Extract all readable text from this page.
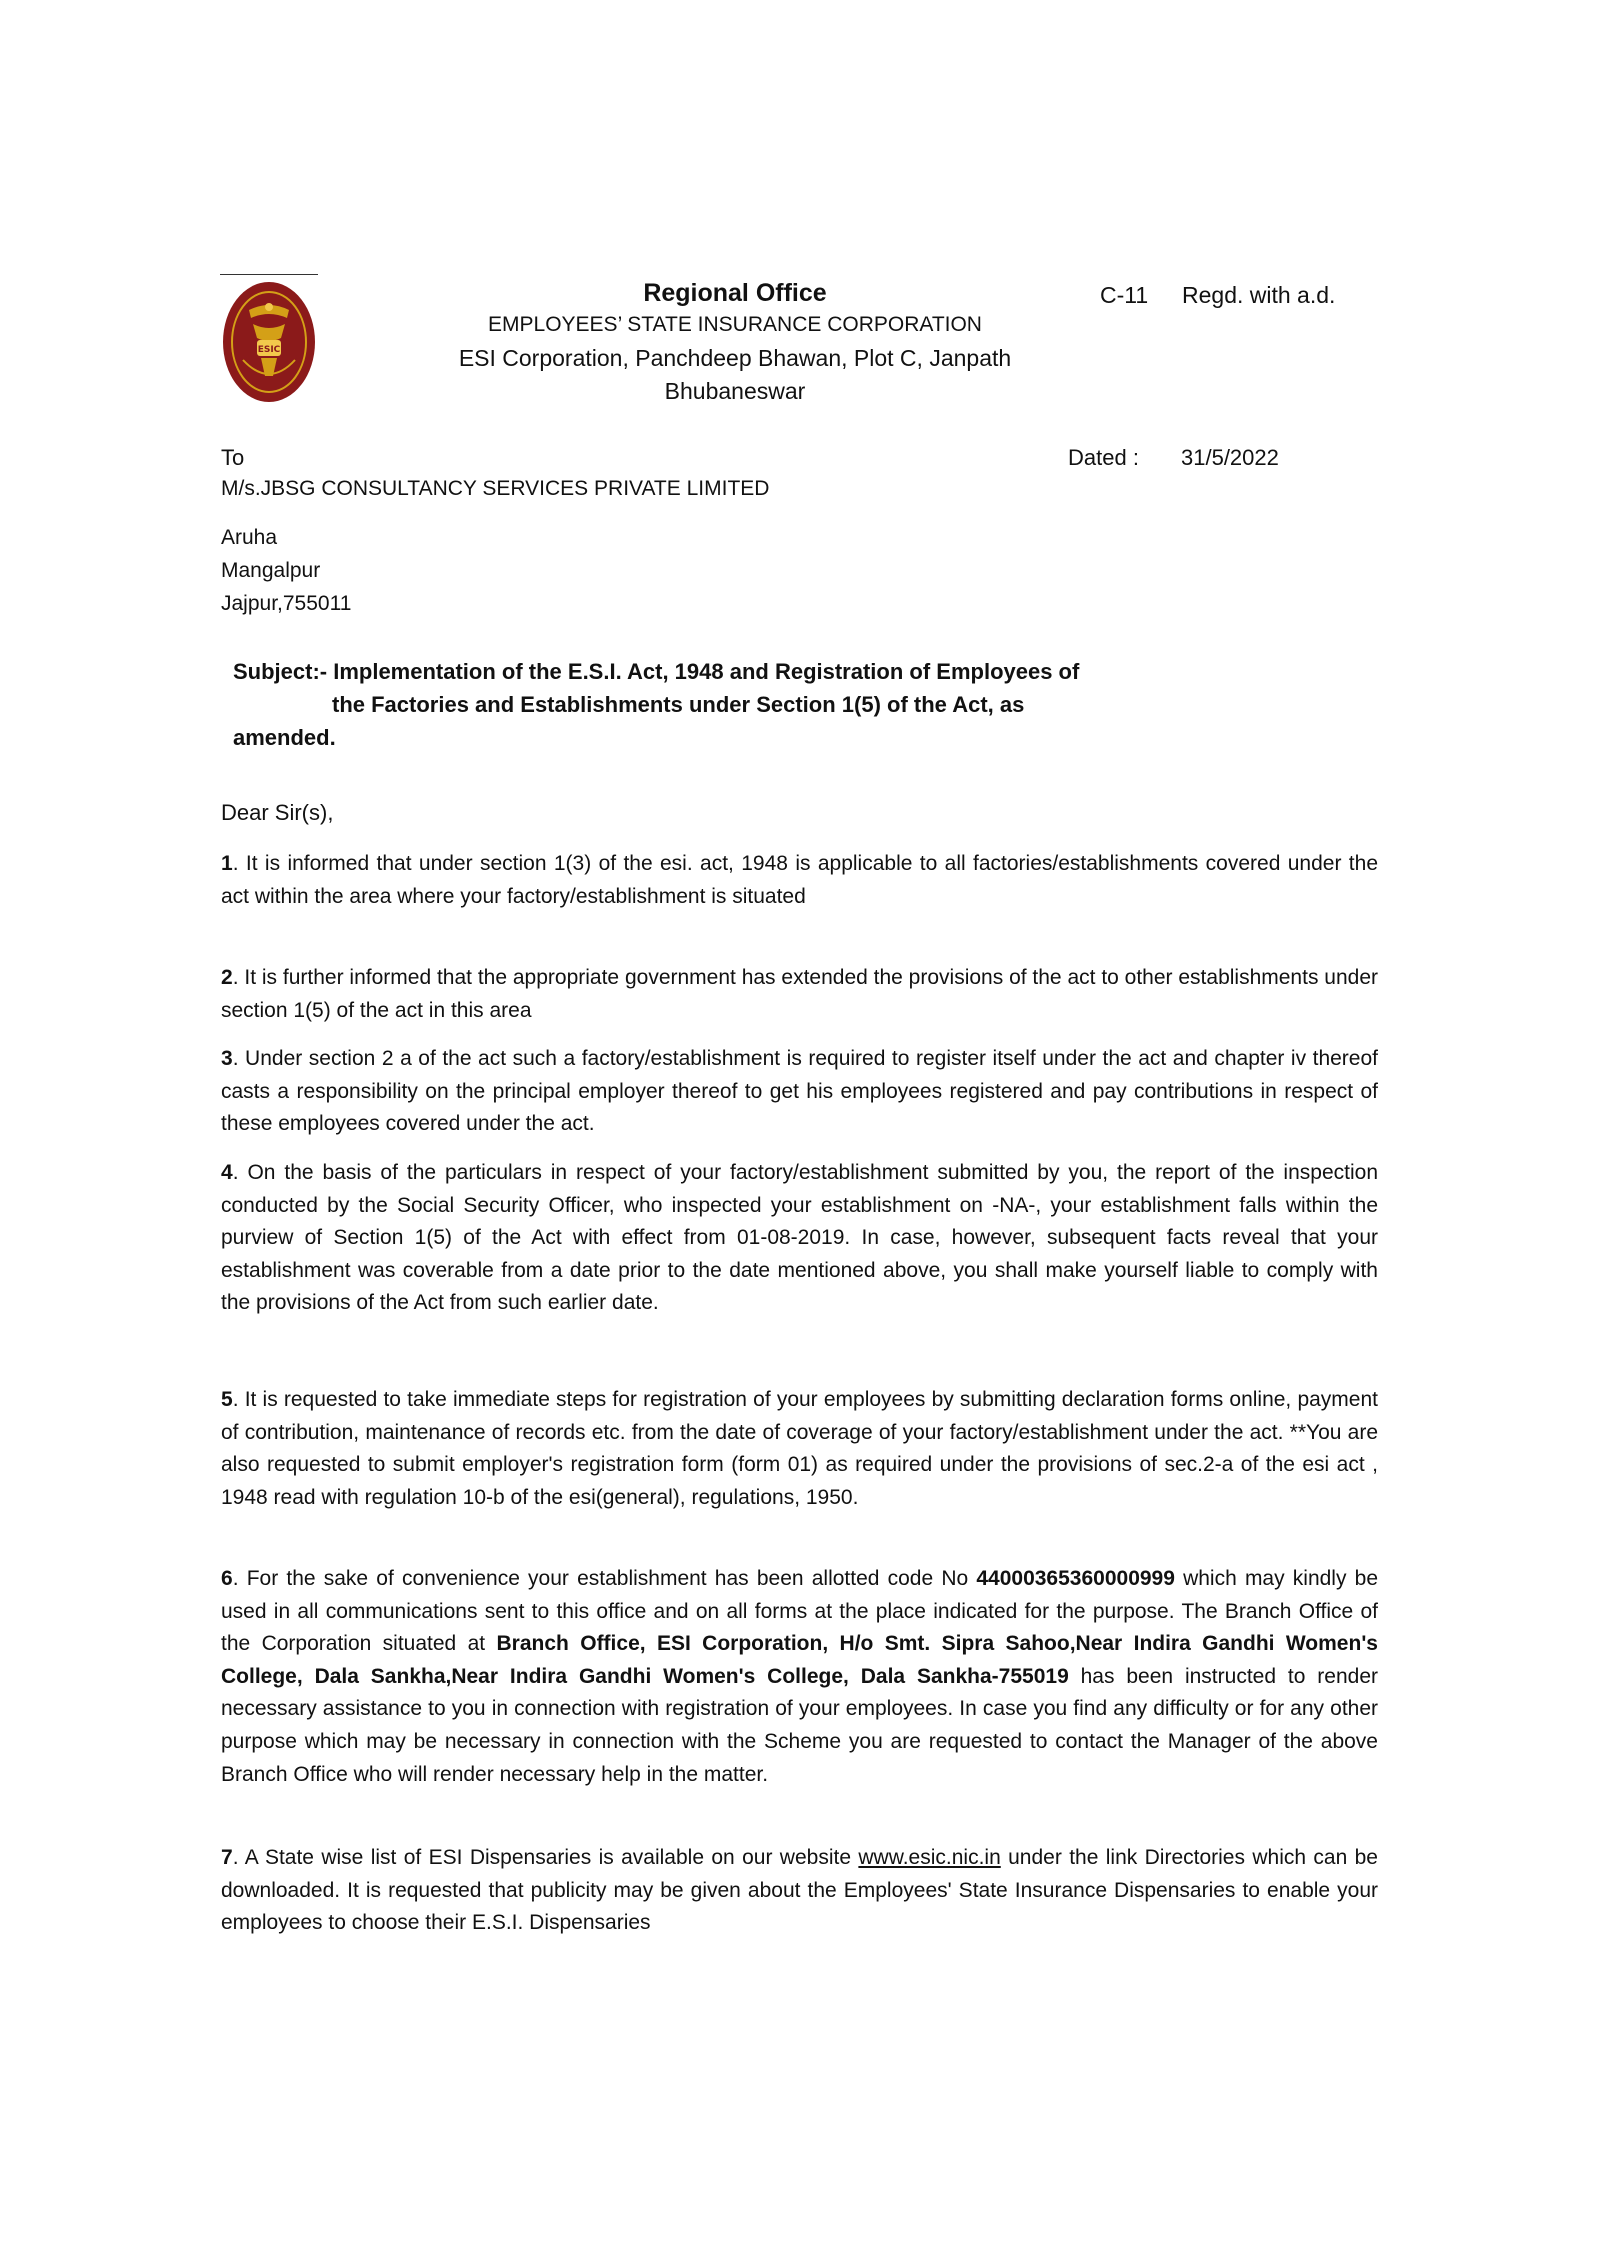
ESIC
Regional Office
EMPLOYEES’ STATE INSURANCE CORPORATION
ESI Corporation, Panchdeep Bhawan, Plot C, Janpath
Bhubaneswar
C-11 Regd. with a.d.
To	Dated : 31/5/2022
M/s.JBSG CONSULTANCY SERVICES PRIVATE LIMITED
Aruha
Mangalpur
Jajpur,755011
Subject:- Implementation of the E.S.I. Act, 1948 and Registration of Employees of
the Factories and Establishments under Section 1(5) of the Act, as
amended.
Dear Sir(s),

1. It is informed that under section 1(3) of the esi. act, 1948 is applicable to all factories/establishments covered under the act within the area where your factory/establishment is situated

2. It is further informed that the appropriate government has extended the provisions of the act to other establishments under section 1(5) of the act in this area

3. Under section 2 a of the act such a factory/establishment is required to register itself under the act and chapter iv thereof casts a responsibility on the principal employer thereof to get his employees registered and pay contributions in respect of these employees covered under the act.

4. On the basis of the particulars in respect of your factory/establishment submitted by you, the report of the inspection conducted by the Social Security Officer, who inspected your establishment on -NA-, your establishment falls within the purview of Section 1(5) of the Act with effect from 01-08-2019. In case, however, subsequent facts reveal that your establishment was coverable from a date prior to the date mentioned above, you shall make yourself liable to comply with the provisions of the Act from such earlier date.

5. It is requested to take immediate steps for registration of your employees by submitting declaration forms online, payment of contribution, maintenance of records etc. from the date of coverage of your factory/establishment under the act. **You are also requested to submit employer's registration form (form 01) as required under the provisions of sec.2-a of the esi act , 1948 read with regulation 10-b of the esi(general), regulations, 1950.

6. For the sake of convenience your establishment has been allotted code No 44000365360000999 which may kindly be used in all communications sent to this office and on all forms at the place indicated for the purpose. The Branch Office of the Corporation situated at Branch Office, ESI Corporation, H/o Smt. Sipra Sahoo,Near Indira Gandhi Women's College, Dala Sankha,Near Indira Gandhi Women's College, Dala Sankha-755019 has been instructed to render necessary assistance to you in connection with registration of your employees. In case you find any difficulty or for any other purpose which may be necessary in connection with the Scheme you are requested to contact the Manager of the above Branch Office who will render necessary help in the matter.

7. A State wise list of ESI Dispensaries is available on our website www.esic.nic.in under the link Directories which can be downloaded. It is requested that publicity may be given about the Employees' State Insurance Dispensaries to enable your employees to choose their E.S.I. Dispensaries
